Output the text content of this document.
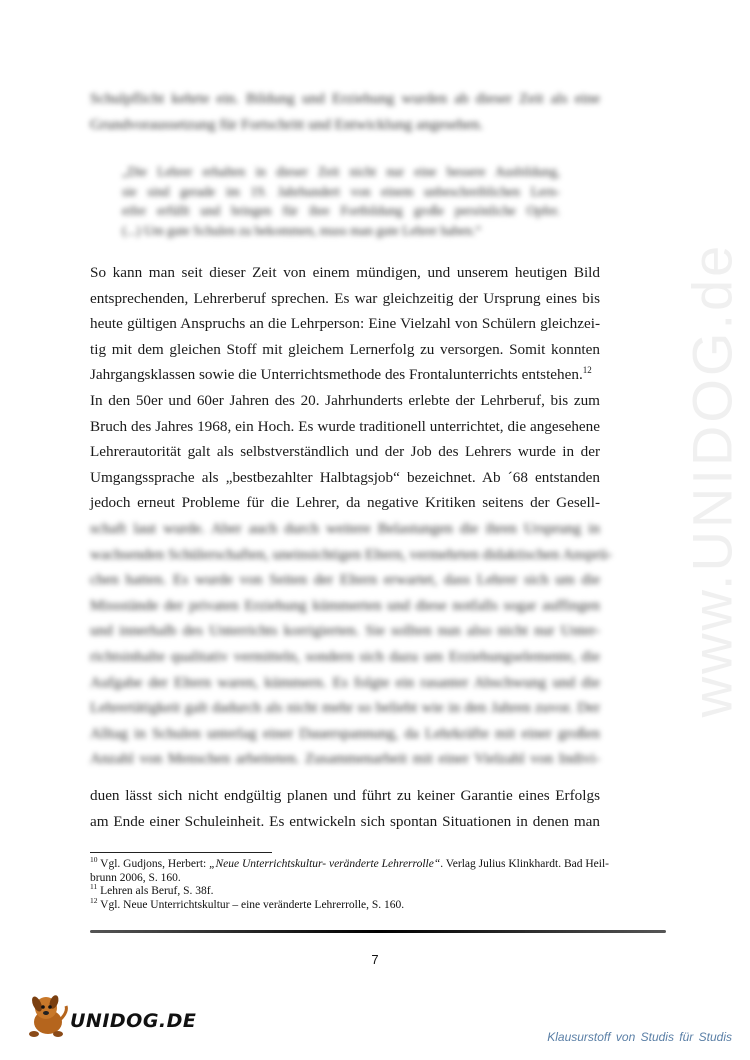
www.UNIDOG.de
Schulpflicht kehrte ein. Bildung und Erziehung wurden ab dieser Zeit als eine
Grundvoraussetzung für Fortschritt und Entwicklung angesehen.
„Die Lehrer erhalten in dieser Zeit nicht nur eine bessere Ausbildung,
sie sind gerade im 19. Jahrhundert von einem unbeschreiblichen Lern-
eifer erfüllt und bringen für ihre Fortbildung große persönliche Opfer.
(...) Um gute Schulen zu bekommen, muss man gute Lehrer haben.“
So kann man seit dieser Zeit von einem mündigen, und unserem heutigen Bild
entsprechenden, Lehrerberuf sprechen. Es war gleichzeitig der Ursprung eines bis
heute gültigen Anspruchs an die Lehrperson: Eine Vielzahl von Schülern gleichzei-
tig mit dem gleichen Stoff mit gleichem Lernerfolg zu versorgen. Somit konnten
Jahrgangsklassen sowie die Unterrichtsmethode des Frontalunterrichts entstehen.$^{12}$
In den 50er und 60er Jahren des 20. Jahrhunderts erlebte der Lehrberuf, bis zum
Bruch des Jahres 1968, ein Hoch. Es wurde traditionell unterrichtet, die angesehene
Lehrerautorität galt als selbstverständlich und der Job des Lehrers wurde in der
Umgangssprache als „bestbezahlter Halbtagsjob“ bezeichnet. Ab ´68 entstanden
jedoch erneut Probleme für die Lehrer, da negative Kritiken seitens der Gesell-
schaft laut wurde. Aber auch durch weitere Belastungen die ihren Ursprung in
wachsenden Schülerschaften, uneinsichtigen Eltern, vermehrten didaktischen Ansprü-
chen hatten. Es wurde von Seiten der Eltern erwartet, dass Lehrer sich um die
Missstände der privaten Erziehung kümmerten und diese notfalls sogar auffingen
und innerhalb des Unterrichts korrigierten. Sie sollten nun also nicht nur Unter-
richtsinhalte qualitativ vermitteln, sondern sich dazu um Erziehungselemente, die
Aufgabe der Eltern waren, kümmern. Es folgte ein rasanter Abschwung und die
Lehrertätigkeit galt dadurch als nicht mehr so beliebt wie in den Jahren zuvor. Der
Alltag in Schulen unterlag einer Dauerspannung, da Lehrkräfte mit einer großen
Anzahl von Menschen arbeiteten. Zusammenarbeit mit einer Vielzahl von Indivi-
duen lässt sich nicht endgültig planen und führt zu keiner Garantie eines Erfolgs
am Ende einer Schuleinheit. Es entwickeln sich spontan Situationen in denen man
$^{10}$ Vgl. Gudjons, Herbert: „Neue Unterrichtskultur- veränderte Lehrerrolle“. Verlag Julius Klinkhardt. Bad Heil-
brunn 2006, S. 160.
$^{11}$ Lehren als Beruf, S. 38f.
$^{12}$ Vgl. Neue Unterrichtskultur – eine veränderte Lehrerrolle, S. 160.
7
UNIDOG.DE
Klausurstoff von Studis für Studis
